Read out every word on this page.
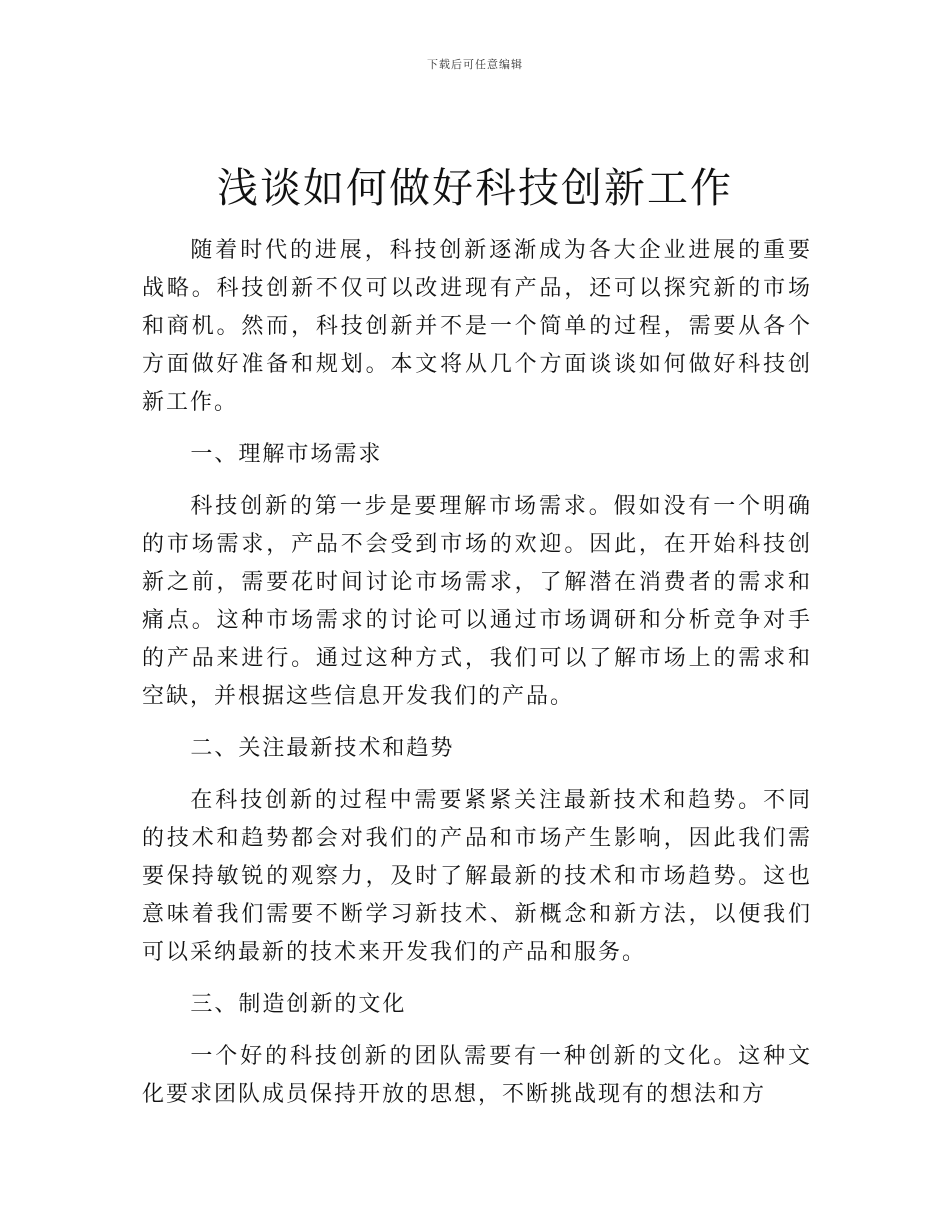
下载后可任意编辑
浅谈如何做好科技创新工作

随着时代的进展，科技创新逐渐成为各大企业进展的重要战略。科技创新不仅可以改进现有产品，还可以探究新的市场和商机。然而，科技创新并不是一个简单的过程，需要从各个方面做好准备和规划。本文将从几个方面谈谈如何做好科技创新工作。

一、理解市场需求

科技创新的第一步是要理解市场需求。假如没有一个明确的市场需求，产品不会受到市场的欢迎。因此，在开始科技创新之前，需要花时间讨论市场需求，了解潜在消费者的需求和痛点。这种市场需求的讨论可以通过市场调研和分析竞争对手的产品来进行。通过这种方式，我们可以了解市场上的需求和空缺，并根据这些信息开发我们的产品。

二、关注最新技术和趋势

在科技创新的过程中需要紧紧关注最新技术和趋势。不同的技术和趋势都会对我们的产品和市场产生影响，因此我们需要保持敏锐的观察力，及时了解最新的技术和市场趋势。这也意味着我们需要不断学习新技术、新概念和新方法，以便我们可以采纳最新的技术来开发我们的产品和服务。

三、制造创新的文化

一个好的科技创新的团队需要有一种创新的文化。这种文化要求团队成员保持开放的思想，不断挑战现有的想法和方
